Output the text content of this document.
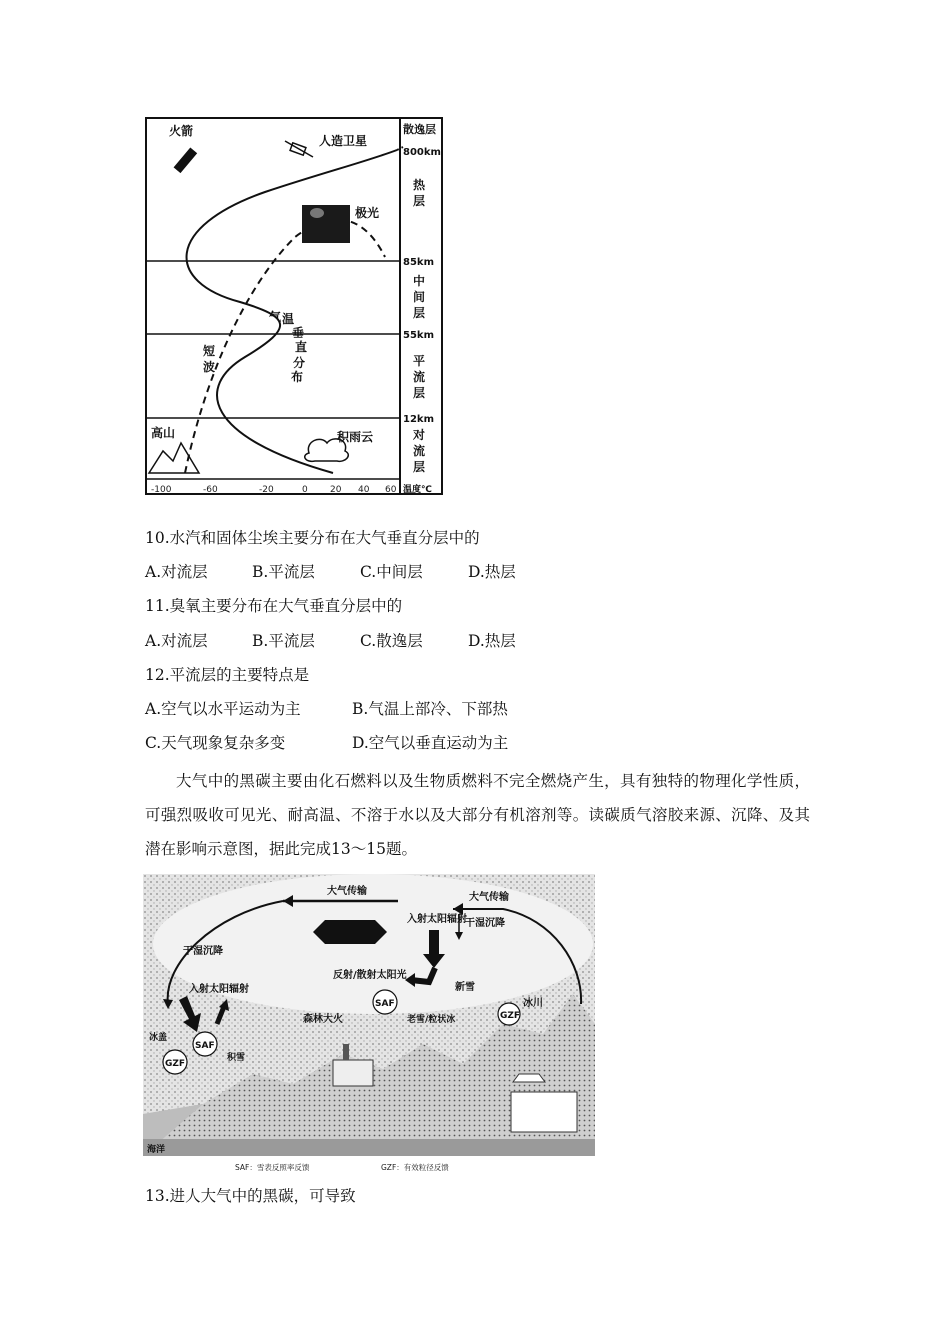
散逸层
800km
热
层
85km
中
间
层
55km
平
流
层
12km
对
流
层
火箭
人造卫星
极光
气 温
垂
直
分
布
短
波
高山	积雨云
-100	-60	-20	0 20 40 60 温度℃
10.水汽和固体尘埃主要分布在大气垂直分层中的
A.对流层	B.平流层	C.中间层	D.热层
11.臭氧主要分布在大气垂直分层中的
A.对流层	B.平流层	C.散逸层	D.热层
12.平流层的主要特点是
A.空气以水平运动为主	B.气温上部冷、下部热
C.天气现象复杂多变	D.空气以垂直运动为主

大气中的黑碳主要由化石燃料以及生物质燃料不完全燃烧产生，具有独特的物理化学性质，可强烈吸收可见光、耐高温、不溶于水以及大部分有机溶剂等。读碳质气溶胶来源、沉降、及其潜在影响示意图，据此完成13～15题。

大气传输
大气传输
入射太阳辐射
反射/散射太阳光
干湿沉降
新雪
干湿沉降
入射太阳辐射
SAF
GZF
SAF
GZF
冰川
森林大火	老雪/粒状冰
冰盖
积雪
海洋
SAF：雪表反照率反馈	GZF：有效粒径反馈
13.进人大气中的黑碳，可导致
